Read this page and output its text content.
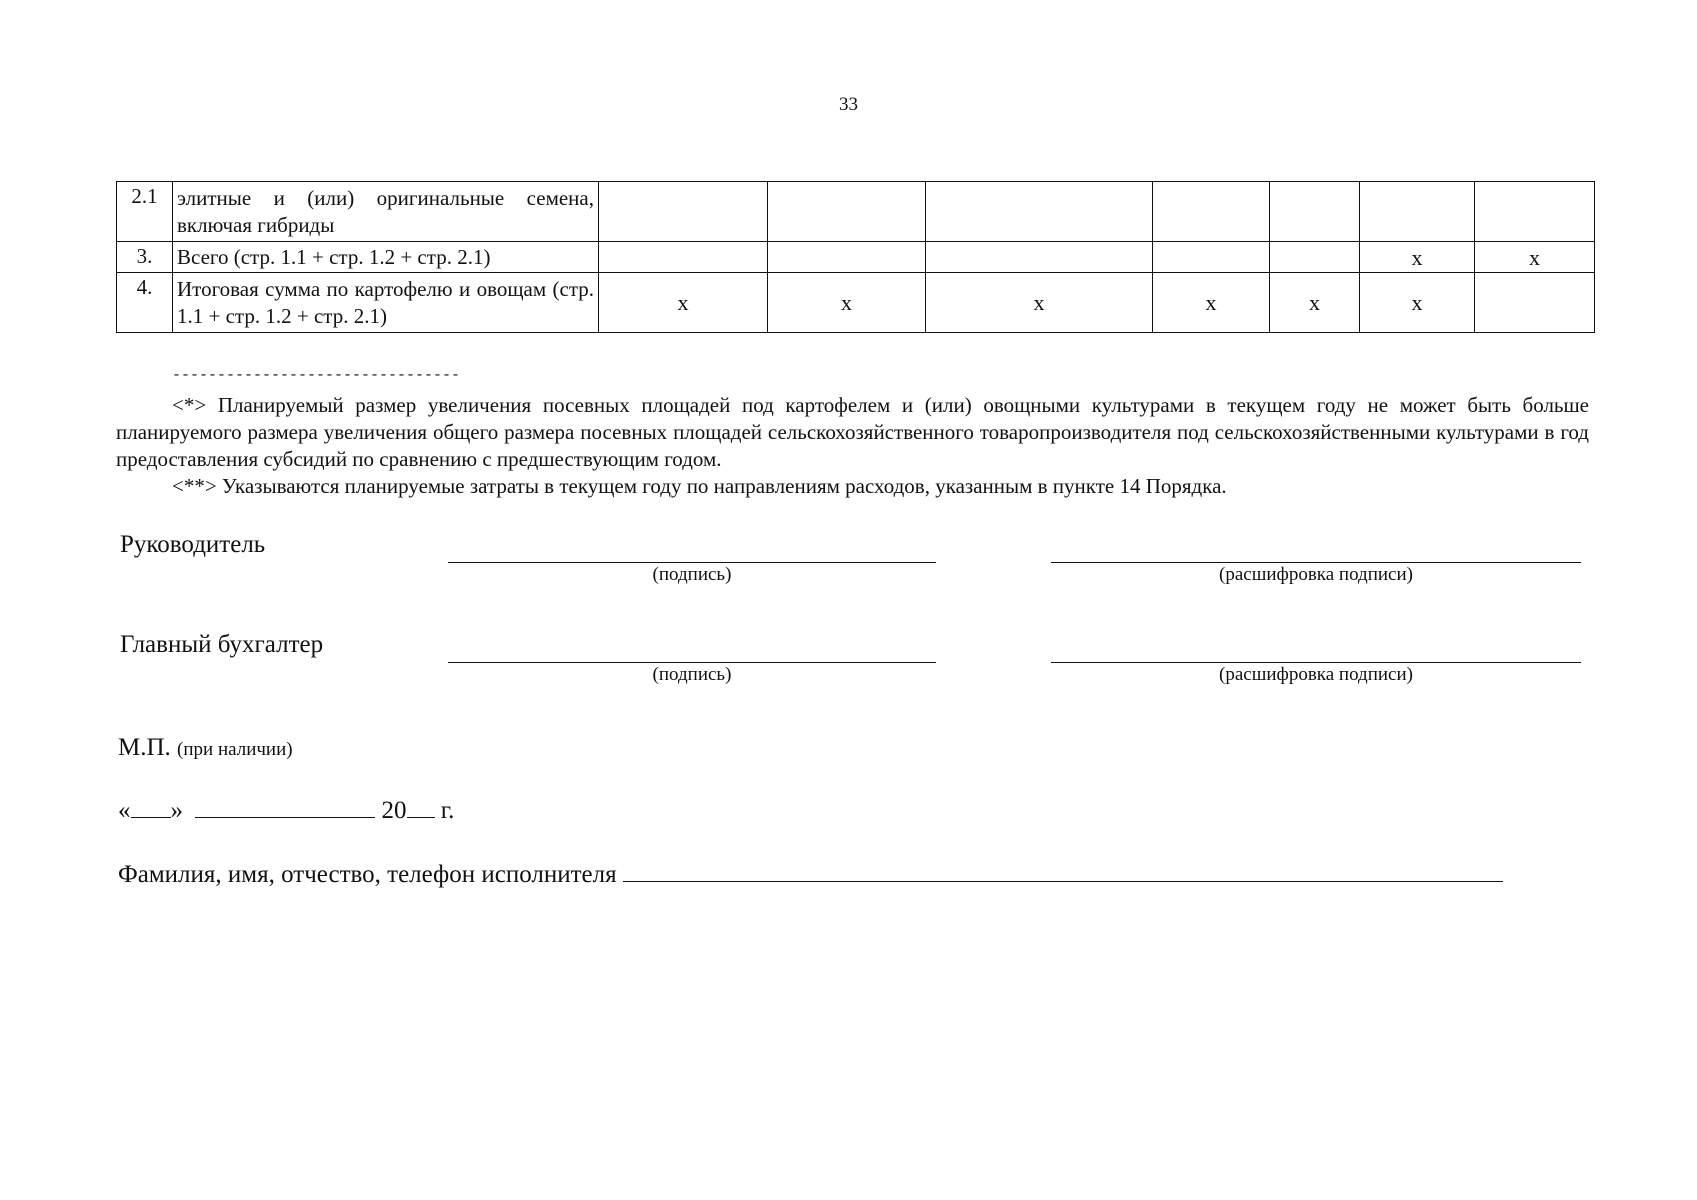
33
2.1	элитные и (или) оригинальные семена, включая гибриды							
3.	Всего (стр. 1.1 + стр. 1.2 + стр. 2.1)						х	х
4.	Итоговая сумма по картофелю и овощам (стр. 1.1 + стр. 1.2 + стр. 2.1)	х	х	х	х	х	х	
--------------------------------

<*> Планируемый размер увеличения посевных площадей под картофелем и (или) овощными культурами в текущем году не может быть больше планируемого размера увеличения общего размера посевных площадей сельскохозяйственного товаропроизводителя под сельскохозяйственными культурами в год предоставления субсидий по сравнению с предшествующим годом.

<**> Указываются планируемые затраты в текущем году по направлениям расходов, указанным в пункте 14 Порядка.

Руководитель
(подпись)	(расшифровка подписи)
Главный бухгалтер
(подпись)	(расшифровка подписи)
М.П. (при наличии)
« »	20 г.
Фамилия, имя, отчество, телефон исполнителя
